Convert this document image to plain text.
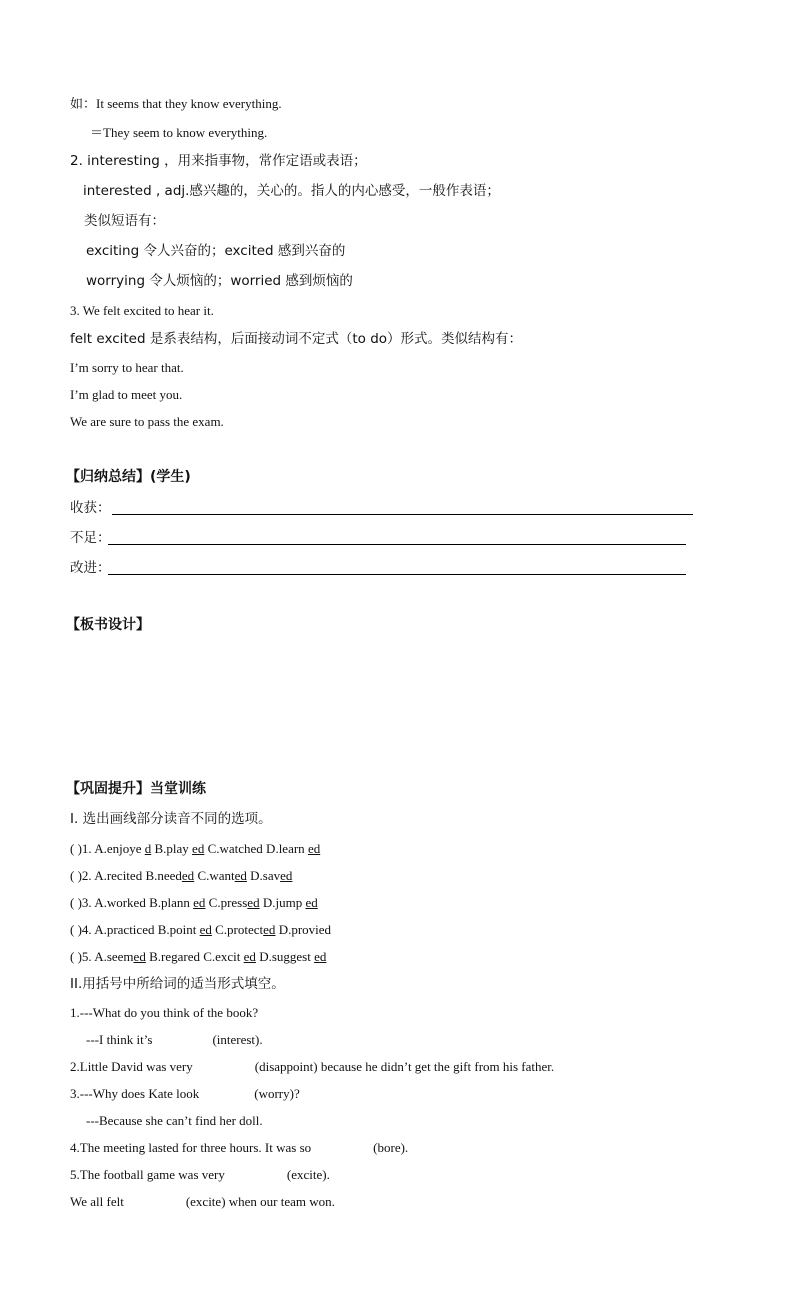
如：It seems that they know everything.
＝They seem to know everything.
2. interesting ，用来指事物，常作定语或表语；
interested , adj.感兴趣的，关心的。指人的内心感受，一般作表语；
类似短语有：
exciting 令人兴奋的；excited 感到兴奋的
worrying 令人烦恼的；worried 感到烦恼的
3. We felt excited to hear it.
felt excited 是系表结构，后面接动词不定式（to do）形式。类似结构有：
I’m sorry to hear that.
I’m glad to meet you.
We are sure to pass the exam.
【归纳总结】(学生)
收获：
不足：
改进：
【板书设计】
【巩固提升】当堂训练
I. 选出画线部分读音不同的选项。
( )1. A.enjoye d B.play ed C.watched D.learn ed
( )2. A.recited B.needed C.wanted D.saved
( )3. A.worked B.plann ed C.pressed D.jump ed
( )4. A.practiced B.point ed C.protected D.provied
( )5. A.seemed B.regared C.excit ed D.suggest ed
II.用括号中所给词的适当形式填空。
1.---What do you think of the book?
---I think it’s	(interest).
2.Little David was very	(disappoint) because he didn’t get the gift from his father.
3.---Why does Kate look	(worry)?
---Because she can’t find her doll.
4.The meeting lasted for three hours. It was so	(bore).
5.The football game was very	(excite).
We all felt	(excite) when our team won.
